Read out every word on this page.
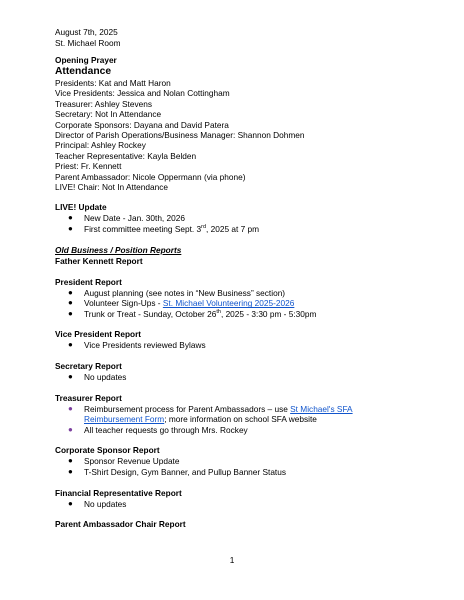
August 7th, 2025
St. Michael Room
Opening Prayer
Attendance
Presidents: Kat and Matt Haron
Vice Presidents: Jessica and Nolan Cottingham
Treasurer: Ashley Stevens
Secretary: Not In Attendance
Corporate Sponsors: Dayana and David Patera
Director of Parish Operations/Business Manager: Shannon Dohmen
Principal: Ashley Rockey
Teacher Representative: Kayla Belden
Priest: Fr. Kennett
Parent Ambassador: Nicole Oppermann (via phone)
LIVE! Chair: Not In Attendance
LIVE! Update
● New Date - Jan. 30th, 2026
● First committee meeting Sept. 3rd, 2025 at 7 pm
Old Business / Position Reports
Father Kennett Report
President Report
● August planning (see notes in “New Business” section)
● Volunteer Sign-Ups - St. Michael Volunteering 2025-2026
● Trunk or Treat - Sunday, October 26th, 2025 - 3:30 pm - 5:30pm
Vice President Report
● Vice Presidents reviewed Bylaws
Secretary Report
● No updates
Treasurer Report
● Reimbursement process for Parent Ambassadors – use St Michael's SFA
Reimbursement Form; more information on school SFA website
● All teacher requests go through Mrs. Rockey
Corporate Sponsor Report
● Sponsor Revenue Update
● T-Shirt Design, Gym Banner, and Pullup Banner Status
Financial Representative Report
● No updates
Parent Ambassador Chair Report
1
